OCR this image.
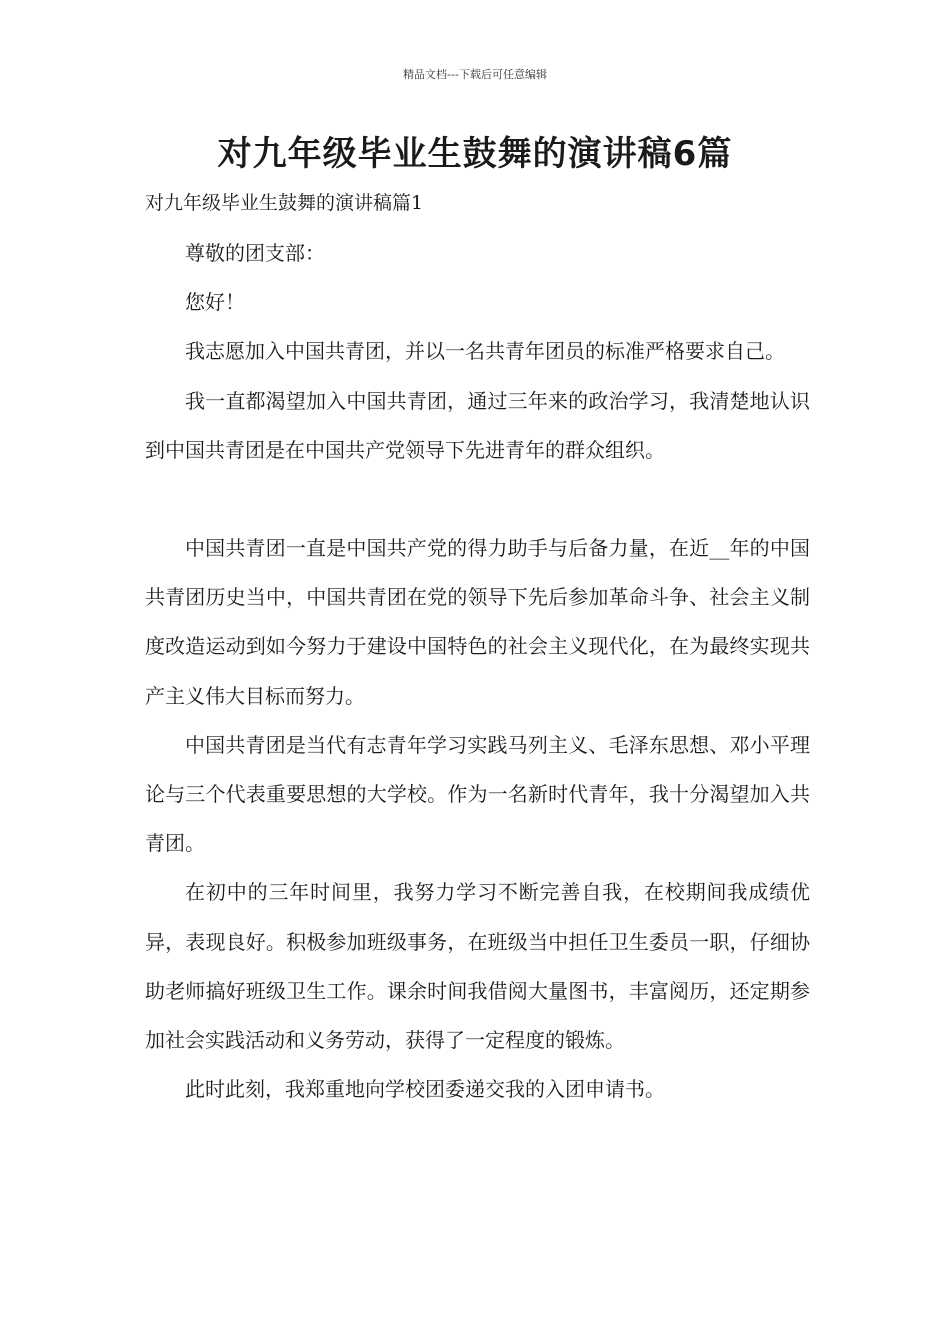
精品文档---下载后可任意编辑
对九年级毕业生鼓舞的演讲稿6篇

对九年级毕业生鼓舞的演讲稿篇1

尊敬的团支部：

您好！

我志愿加入中国共青团，并以一名共青年团员的标准严格要求自己。

我一直都渴望加入中国共青团，通过三年来的政治学习，我清楚地认识到中国共青团是在中国共产党领导下先进青年的群众组织。

中国共青团一直是中国共产党的得力助手与后备力量，在近__年的中国共青团历史当中，中国共青团在党的领导下先后参加革命斗争、社会主义制度改造运动到如今努力于建设中国特色的社会主义现代化，在为最终实现共产主义伟大目标而努力。

中国共青团是当代有志青年学习实践马列主义、毛泽东思想、邓小平理论与三个代表重要思想的大学校。作为一名新时代青年，我十分渴望加入共青团。

在初中的三年时间里，我努力学习不断完善自我，在校期间我成绩优异，表现良好。积极参加班级事务，在班级当中担任卫生委员一职，仔细协助老师搞好班级卫生工作。课余时间我借阅大量图书，丰富阅历，还定期参加社会实践活动和义务劳动，获得了一定程度的锻炼。

此时此刻，我郑重地向学校团委递交我的入团申请书。
